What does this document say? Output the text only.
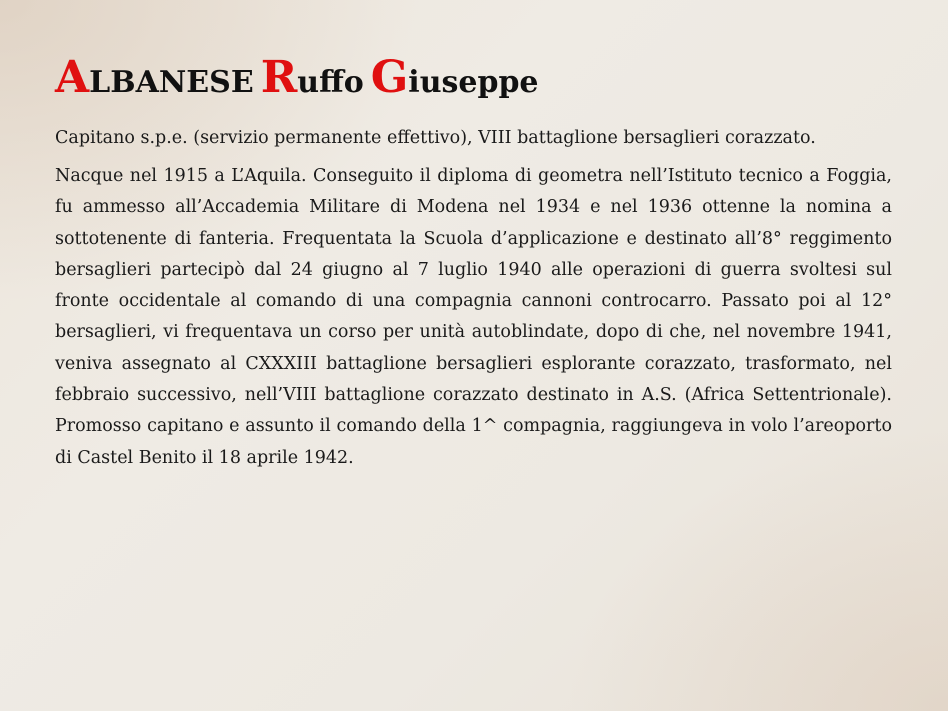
ALBANESE Ruffo Giuseppe

Capitano s.p.e. (servizio permanente effettivo), VIII battaglione bersaglieri corazzato.

Nacque nel 1915 a L’Aquila. Conseguito il diploma di geometra nell’Istituto tecnico a Foggia, fu ammesso all’Accademia Militare di Modena nel 1934 e nel 1936 ottenne la nomina a sottotenente di fanteria. Frequentata la Scuola d’applicazione e destinato all’8° reggimento bersaglieri partecipò dal 24 giugno al 7 luglio 1940 alle operazioni di guerra svoltesi sul fronte occidentale al comando di una compagnia cannoni controcarro. Passato poi al 12° bersaglieri, vi frequentava un corso per unità autoblindate, dopo di che, nel novembre 1941, veniva assegnato al CXXXIII battaglione bersaglieri esplorante corazzato, trasformato, nel febbraio successivo, nell’VIII battaglione corazzato destinato in A.S. (Africa Settentrionale). Promosso capitano e assunto il comando della 1^ compagnia, raggiungeva in volo l’areoporto di Castel Benito il 18 aprile 1942.
